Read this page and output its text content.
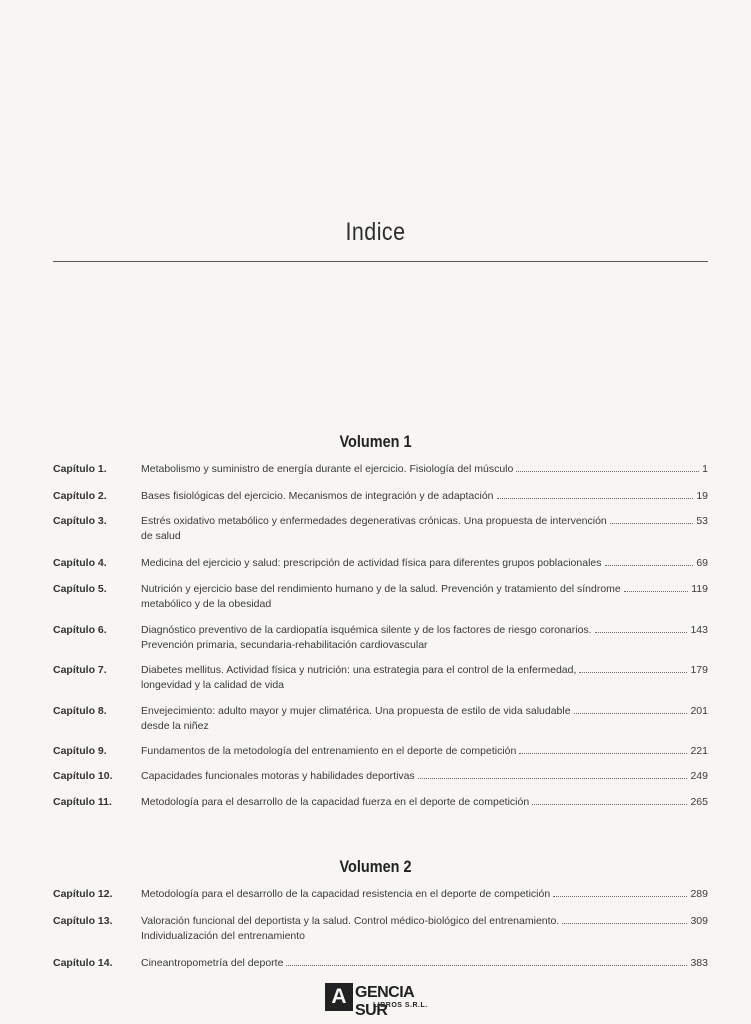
Indice
Volumen 1
Capítulo 1.	Metabolismo y suministro de energía durante el ejercicio. Fisiología del músculo	1
Capítulo 2.	Bases fisiológicas del ejercicio. Mecanismos de integración y de adaptación	19
Capítulo 3.	Estrés oxidativo metabólico y enfermedades degenerativas crónicas. Una propuesta de intervención	53
de salud
Capítulo 4.	Medicina del ejercicio y salud: prescripción de actividad física para diferentes grupos poblacionales	69
Capítulo 5.	Nutrición y ejercicio base del rendimiento humano y de la salud. Prevención y tratamiento del síndrome	119
metabólico y de la obesidad
Capítulo 6.	Diagnóstico preventivo de la cardiopatía isquémica silente y de los factores de riesgo coronarios.	143
Prevención primaria, secundaria-rehabilitación cardiovascular
Capítulo 7.	Diabetes mellitus. Actividad física y nutrición: una estrategia para el control de la enfermedad,	179
longevidad y la calidad de vida
Capítulo 8.	Envejecimiento: adulto mayor y mujer climatérica. Una propuesta de estilo de vida saludable	201
desde la niñez
Capítulo 9.	Fundamentos de la metodología del entrenamiento en el deporte de competición	221
Capítulo 10.	Capacidades funcionales motoras y habilidades deportivas	249
Capítulo 11.	Metodología para el desarrollo de la capacidad fuerza en el deporte de competición	265
Volumen 2
Capítulo 12.	Metodología para el desarrollo de la capacidad resistencia en el deporte de competición	289
Capítulo 13.	Valoración funcional del deportista y la salud. Control médico-biológico del entrenamiento.	309
Individualización del entrenamiento
Capítulo 14.	Cineantropometría del deporte	383
A GENCIA SUR
LIBROS S.R.L.
